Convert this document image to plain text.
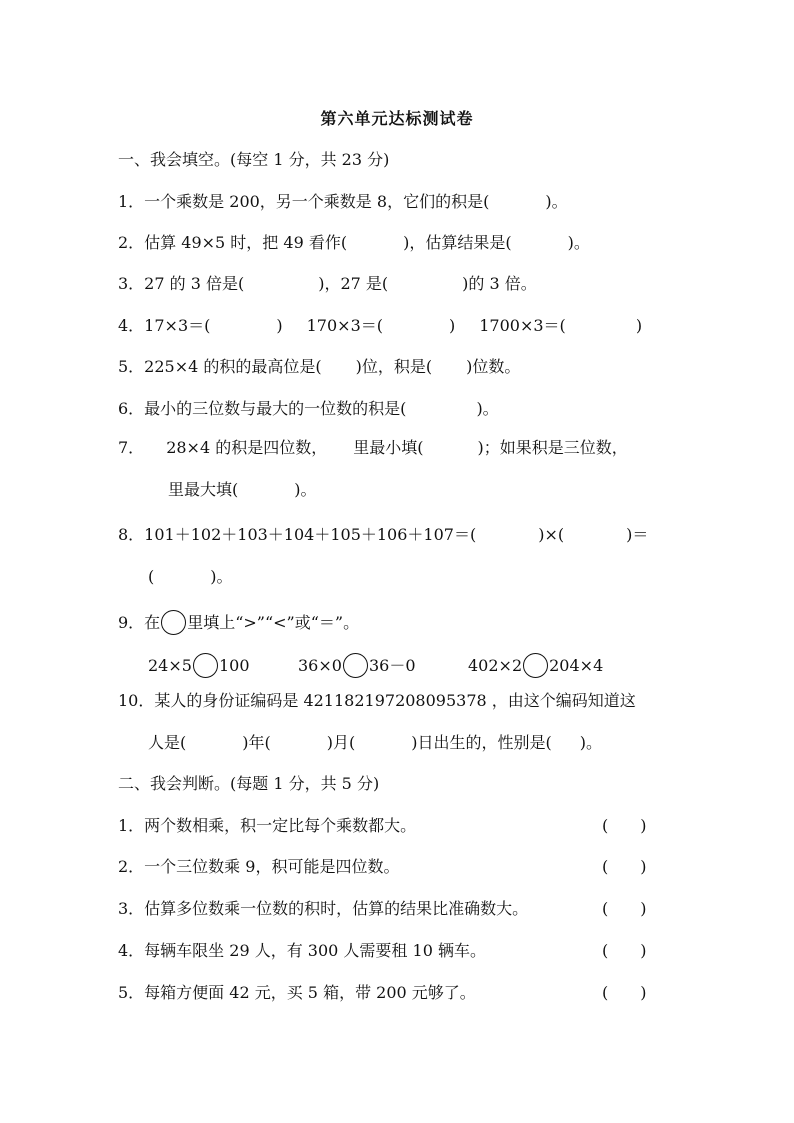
第六单元达标测试卷
一、我会填空。(每空 1 分，共 23 分)
1．一个乘数是 200，另一个乘数是 8，它们的积是(	)。
2．估算 49×5 时，把 49 看作(	)，估算结果是(	)。
3．27 的 3 倍是(	)，27 是(	)的 3 倍。
4．17×3＝(	) 170×3＝(	) 1700×3＝(	)
5．225×4 的积的最高位是( )位，积是( )位数。
6．最小的三位数与最大的一位数的积是(	)。
7． 28×4 的积是四位数， 里最小填(	)；如果积是三位数，
里最大填(	)。
8．101＋102＋103＋104＋105＋106＋107＝(	)×(	)＝
(	)。
9．在 里填上“>”“<”或“＝”。
24×5 100	36×0 36－0	402×2 204×4
10．某人的身份证编码是 421182197208095378 ，由这个编码知道这
人是(	)年(	)月(	)日出生的，性别是( )。
二、我会判断。(每题 1 分，共 5 分)
1．两个数相乘，积一定比每个乘数都大。	(　　)
2．一个三位数乘 9，积可能是四位数。	(　　)
3．估算多位数乘一位数的积时，估算的结果比准确数大。	(　　)
4．每辆车限坐 29 人，有 300 人需要租 10 辆车。	(　　)
5．每箱方便面 42 元，买 5 箱，带 200 元够了。	(　　)
